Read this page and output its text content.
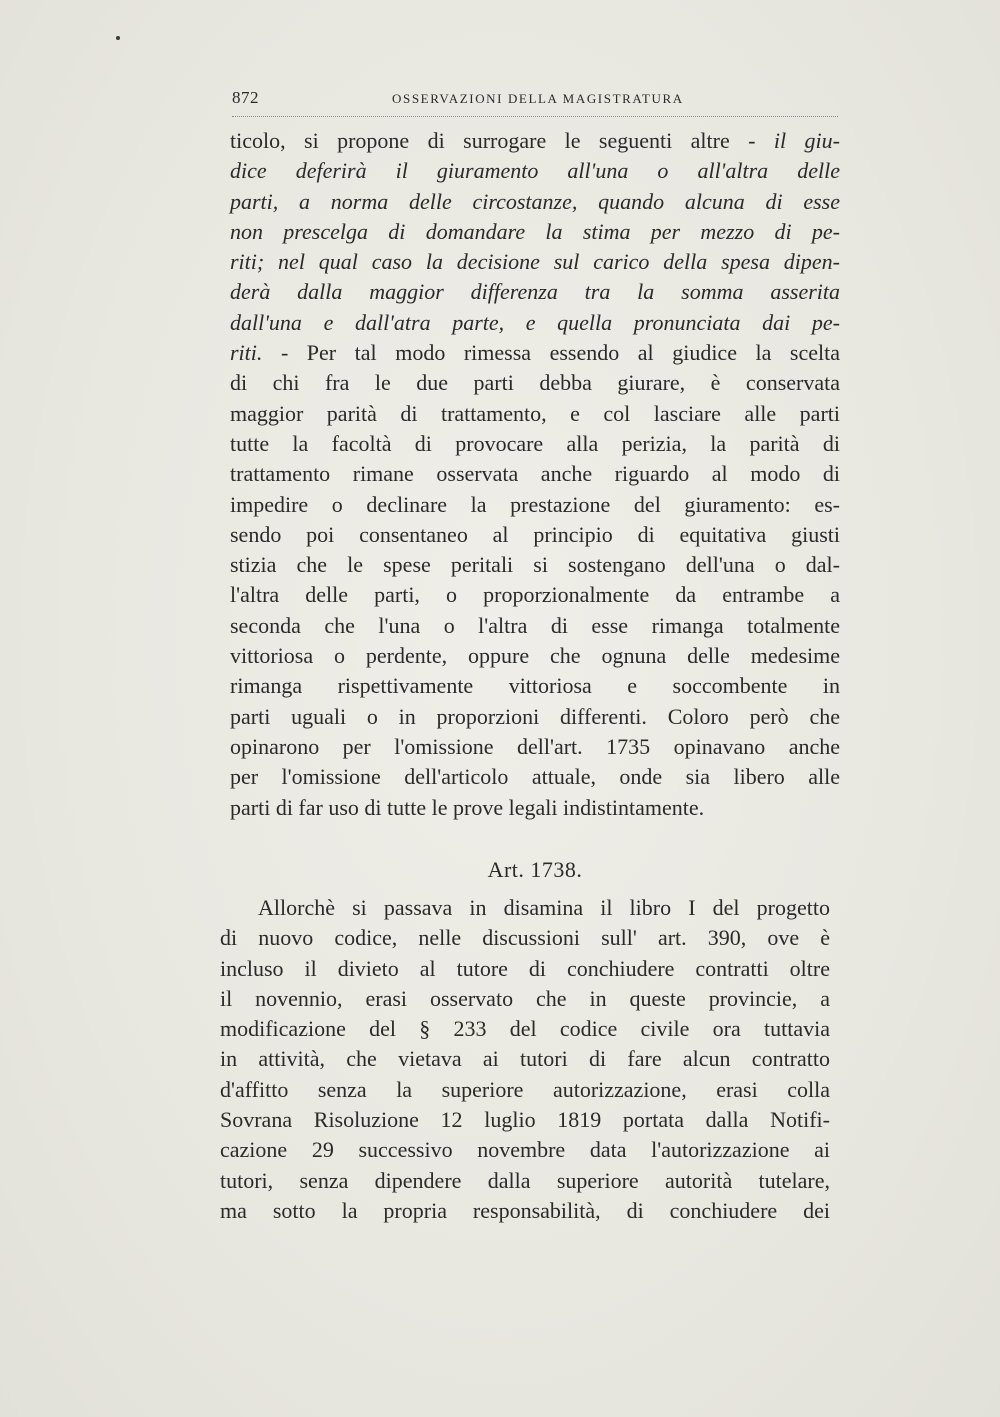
872	OSSERVAZIONI DELLA MAGISTRATURA
ticolo, si propone di surrogare le seguenti altre - il giu-
dice deferirà il giuramento all'una o all'altra delle
parti, a norma delle circostanze, quando alcuna di esse
non prescelga di domandare la stima per mezzo di pe-
riti; nel qual caso la decisione sul carico della spesa dipen-
derà dalla maggior differenza tra la somma asserita
dall'una e dall'atra parte, e quella pronunciata dai pe-
riti. - Per tal modo rimessa essendo al giudice la scelta
di chi fra le due parti debba giurare, è conservata
maggior parità di trattamento, e col lasciare alle parti
tutte la facoltà di provocare alla perizia, la parità di
trattamento rimane osservata anche riguardo al modo di
impedire o declinare la prestazione del giuramento: es-
sendo poi consentaneo al principio di equitativa giusti
stizia che le spese peritali si sostengano dell'una o dal-
l'altra delle parti, o proporzionalmente da entrambe a
seconda che l'una o l'altra di esse rimanga totalmente
vittoriosa o perdente, oppure che ognuna delle medesime
rimanga rispettivamente vittoriosa e soccombente in
parti uguali o in proporzioni differenti. Coloro però che
opinarono per l'omissione dell'art. 1735 opinavano anche
per l'omissione dell'articolo attuale, onde sia libero alle
parti di far uso di tutte le prove legali indistintamente.
Art. 1738.
Allorchè si passava in disamina il libro I del progetto
di nuovo codice, nelle discussioni sull' art. 390, ove è
incluso il divieto al tutore di conchiudere contratti oltre
il novennio, erasi osservato che in queste provincie, a
modificazione del § 233 del codice civile ora tuttavia
in attività, che vietava ai tutori di fare alcun contratto
d'affitto senza la superiore autorizzazione, erasi colla
Sovrana Risoluzione 12 luglio 1819 portata dalla Notifi-
cazione 29 successivo novembre data l'autorizzazione ai
tutori, senza dipendere dalla superiore autorità tutelare,
ma sotto la propria responsabilità, di conchiudere dei
